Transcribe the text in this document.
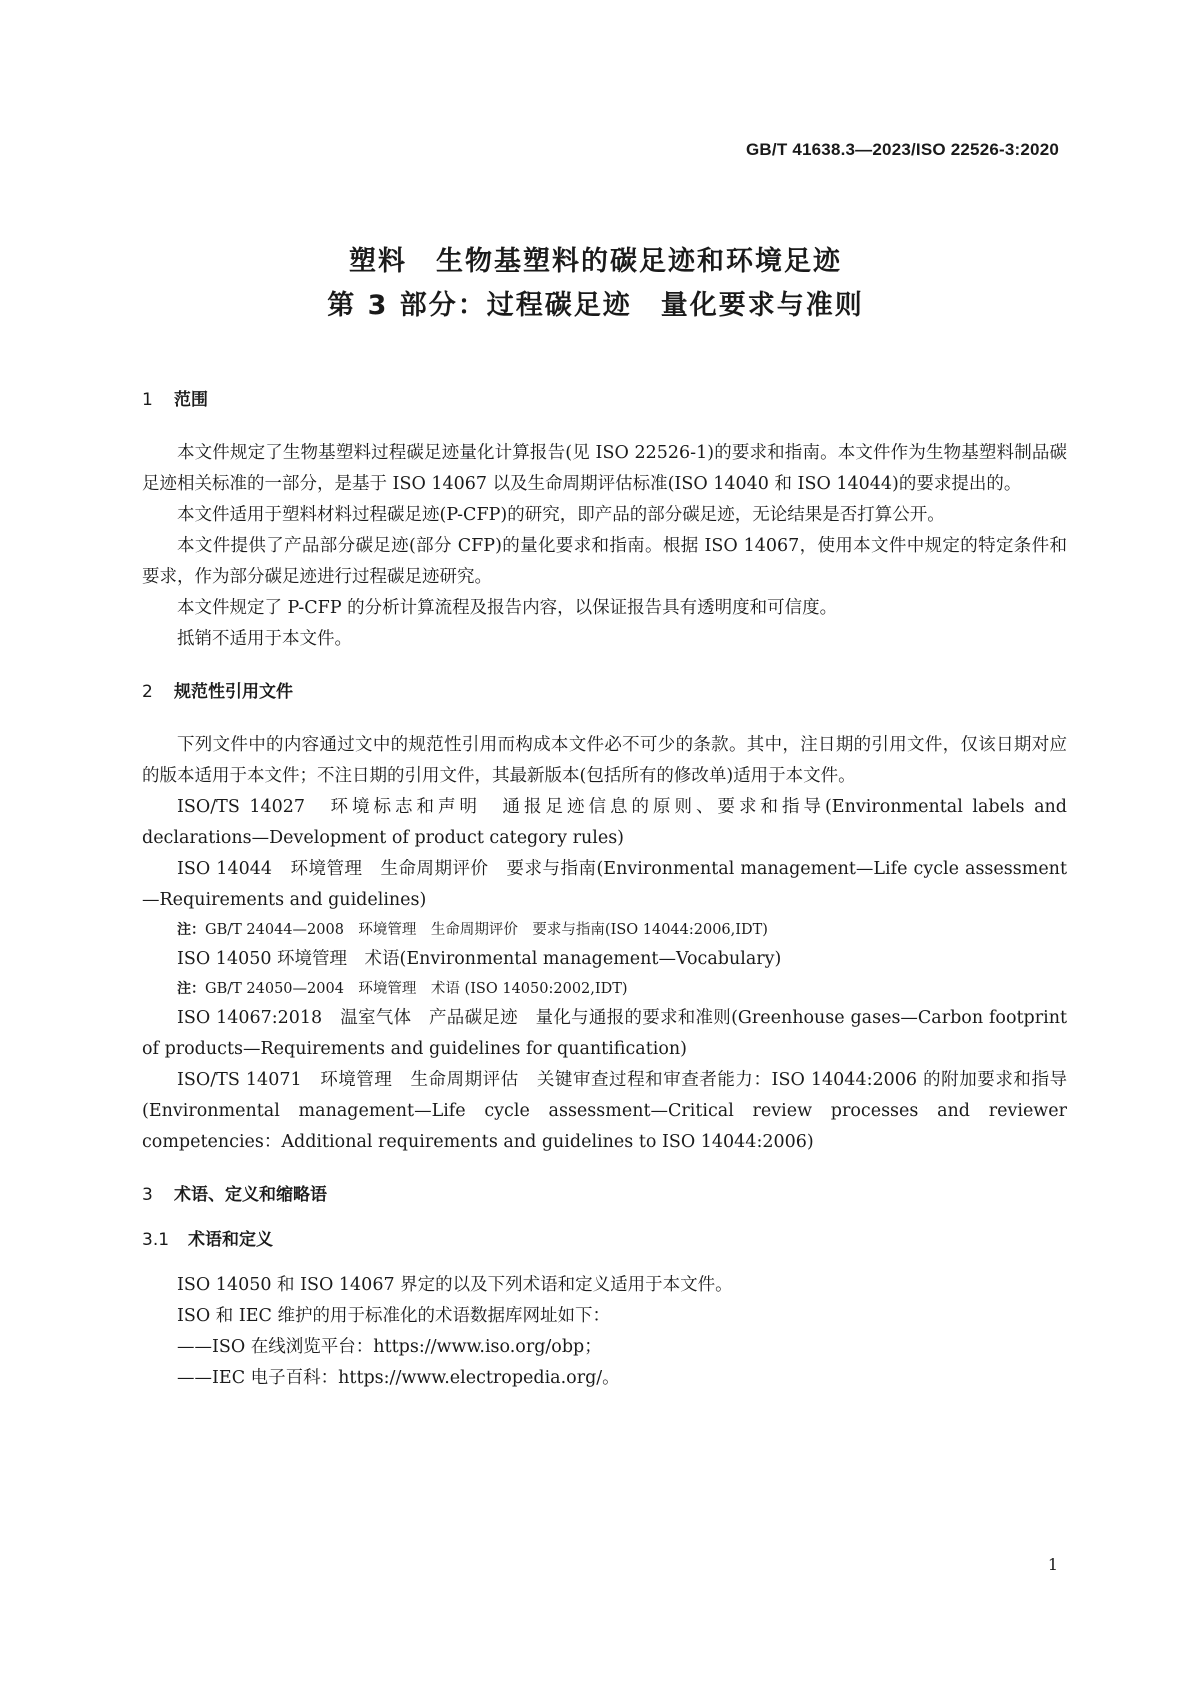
GB/T 41638.3—2023/ISO 22526-3:2020
塑料　生物基塑料的碳足迹和环境足迹
第 3 部分：过程碳足迹　量化要求与准则
1 范围

本文件规定了生物基塑料过程碳足迹量化计算报告(见 ISO 22526-1)的要求和指南。本文件作为生物基塑料制品碳足迹相关标准的一部分，是基于 ISO 14067 以及生命周期评估标准(ISO 14040 和 ISO 14044)的要求提出的。

本文件适用于塑料材料过程碳足迹(P-CFP)的研究，即产品的部分碳足迹，无论结果是否打算公开。

本文件提供了产品部分碳足迹(部分 CFP)的量化要求和指南。根据 ISO 14067，使用本文件中规定的特定条件和要求，作为部分碳足迹进行过程碳足迹研究。

本文件规定了 P-CFP 的分析计算流程及报告内容，以保证报告具有透明度和可信度。

抵销不适用于本文件。

2 规范性引用文件

下列文件中的内容通过文中的规范性引用而构成本文件必不可少的条款。其中，注日期的引用文件，仅该日期对应的版本适用于本文件；不注日期的引用文件，其最新版本(包括所有的修改单)适用于本文件。

ISO/TS 14027　环境标志和声明　通报足迹信息的原则、要求和指导(Environmental labels and declarations—Development of product category rules)

ISO 14044　环境管理　生命周期评价　要求与指南(Environmental management—Life cycle assessment—Requirements and guidelines)

注：GB/T 24044—2008　环境管理　生命周期评价　要求与指南(ISO 14044:2006,IDT)

ISO 14050 环境管理　术语(Environmental management—Vocabulary)

注：GB/T 24050—2004　环境管理　术语 (ISO 14050:2002,IDT)

ISO 14067:2018　温室气体　产品碳足迹　量化与通报的要求和准则(Greenhouse gases—Carbon footprint of products—Requirements and guidelines for quantification)

ISO/TS 14071　环境管理　生命周期评估　关键审查过程和审查者能力：ISO 14044:2006 的附加要求和指导(Environmental management—Life cycle assessment—Critical review processes and reviewer competencies：Additional requirements and guidelines to ISO 14044:2006)

3 术语、定义和缩略语
3.1 术语和定义

ISO 14050 和 ISO 14067 界定的以及下列术语和定义适用于本文件。

ISO 和 IEC 维护的用于标准化的术语数据库网址如下：

——ISO 在线浏览平台：https://www.iso.org/obp；
——IEC 电子百科：https://www.electropedia.org/。
1
